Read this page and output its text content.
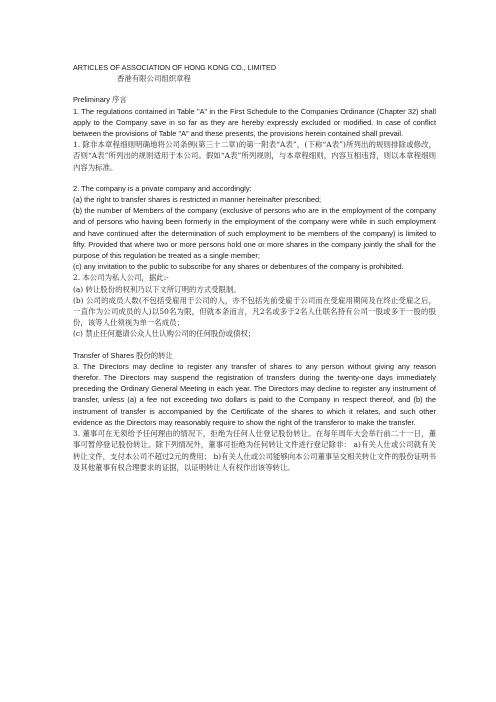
ARTICLES OF ASSOCIATION OF HONG KONG CO., LIMITED

香港有限公司组织章程

Preliminary 序言

1. The regulations contained in Table "A" in the First Schedule to the Companies Ordinance (Chapter 32) shall apply to the Company save in so far as they are hereby expressly excluded or modified. In case of conflict between the provisions of Table "A" and these presents, the provisions herein contained shall prevail.

1. 除非本章程细则明确地将公司条例(第三十二章)的第一附表“A表”，(下称“A表”)所列出的规则排除或修改，否则“A表”所列出的规则适用于本公司。假如“A表”所列规则，与本章程细则，内容互相违背，则以本章程细则内容为标准。

2. The company is a private company and accordingly:

(a) the right to transfer shares is restricted in manner hereinafter prescribed;

(b) the number of Members of the company (exclusive of persons who are in the employment of the company and of persons who having been formerly in the employment of the company were while in such employment and have continued after the determination of such employment to be members of the company) is limited to fifty. Provided that where two or more persons hold one or more shares in the company jointly the shall for the purpose of this regulation be treated as a single member;

(c) any invitation to the public to subscribe for any shares or debentures of the company is prohibited.

2. 本公司为私人公司，据此:-

(a) 转让股份的权利乃以下文所订明的方式受限制。

(b) 公司的成员人数(不包括受雇用于公司的人，亦不包括先前受雇于公司而在受雇用期间及在终止受雇之后，一直作为公司成员的人)以50名为限，但就本条而言，凡2名或多于2名人仕联名持有公司一股或多于一股的股份，该等人仕须视为单一名成员；

(c) 禁止任何邀请公众人仕认购公司的任何股份或债权；

Transfer of Shares 股份的转让

3. The Directors may decline to register any transfer of shares to any person without giving any reason therefor. The Directors may suspend the registration of transfers during the twenty-one days immediately preceding the Ordinary General Meeting in each year. The Directors may decline to register any instrument of transfer, unless (a) a fee not exceeding two dollars is paid to the Company in respect thereof, and (b) the instrument of transfer is accompanied by the Certificate of the shares to which it relates, and such other evidence as the Directors may reasonably require to show the right of the transferor to make the transfer.

3. 董事可在无须给予任何理由的情况下，拒绝为任何人仕登记股份转让。在每年周年大会举行前二十一日，董事可暂停登记股份转让。除下列情况外，董事可拒绝为任何转让文件进行登记除非： a)有关人仕或公司就有关转让文件，支付本公司不超过2元的费用； b)有关人仕或公司能够向本公司董事呈交相关转让文件的股份证明书及其他董事有权合理要求的证据，以证明转让人有权作出该等转让。
